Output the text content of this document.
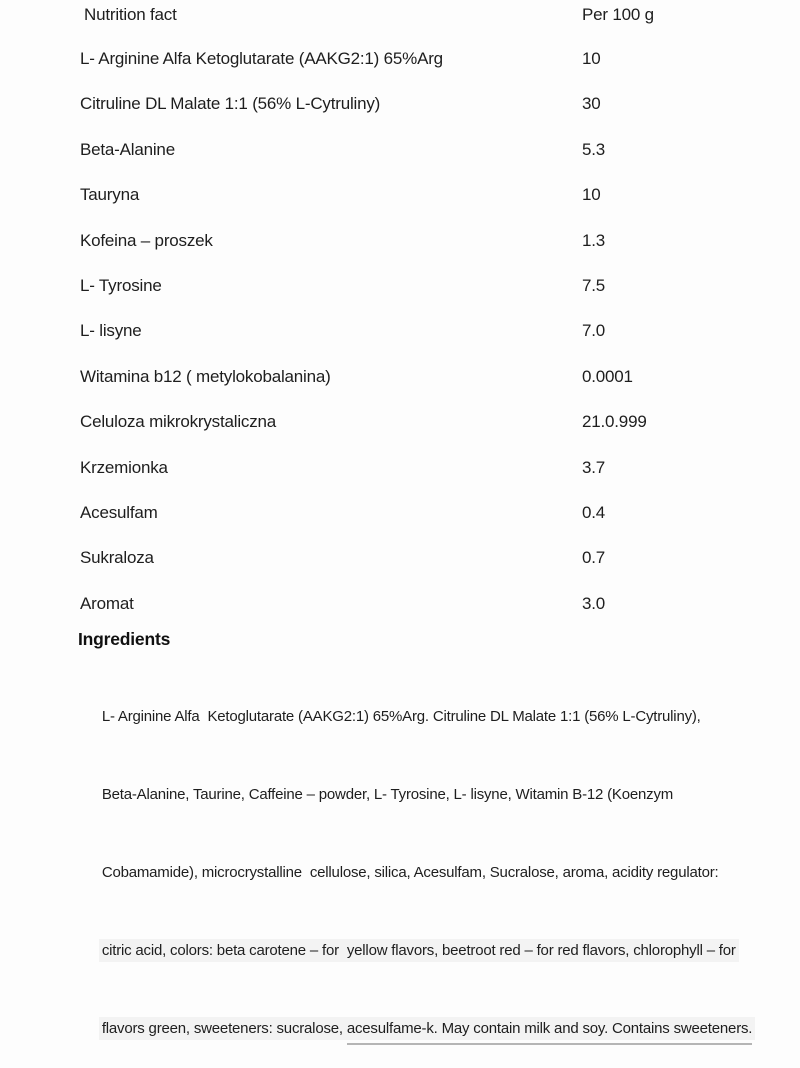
Nutrition fact	Per 100 g
L- Arginine Alfa Ketoglutarate (AAKG2:1) 65%Arg	10
Citruline DL Malate 1:1 (56% L-Cytruliny)	30
Beta-Alanine	5.3
Tauryna	10
Kofeina – proszek	1.3
L- Tyrosine	7.5
L- lisyne	7.0
Witamina b12 ( metylokobalanina)	0.0001
Celuloza mikrokrystaliczna	21.0.999
Krzemionka	3.7
Acesulfam	0.4
Sukraloza	0.7
Aromat	3.0
Ingredients

L- Arginine Alfa  Ketoglutarate (AAKG2:1) 65%Arg. Citruline DL Malate 1:1 (56% L-Cytruliny),

Beta-Alanine, Taurine, Caffeine – powder, L- Tyrosine, L- lisyne, Witamin B-12 (Koenzym

Cobamamide), microcrystalline  cellulose, silica, Acesulfam, Sucralose, aroma, acidity regulator:

citric acid, colors: beta carotene – for  yellow flavors, beetroot red – for red flavors, chlorophyll – for

flavors green, sweeteners: sucralose, acesulfame-k. May contain milk and soy. Contains sweeteners.
